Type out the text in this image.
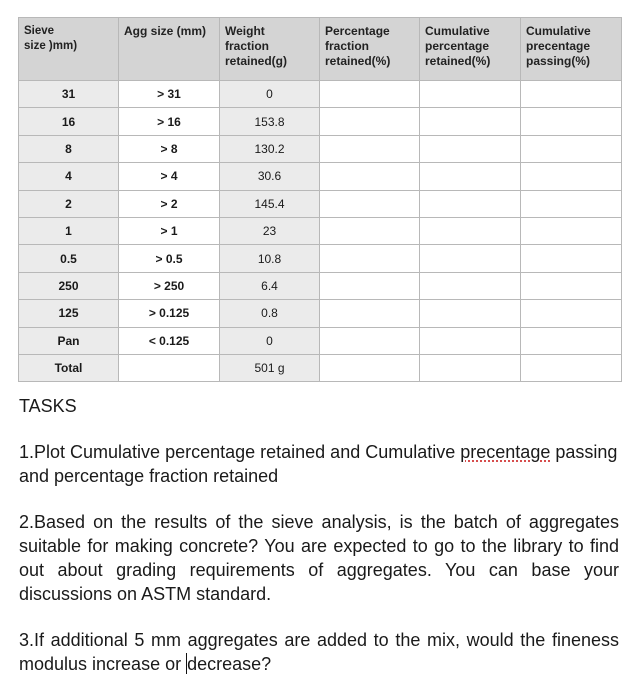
Sieve
size )mm)	Agg size (mm)	Weight
fraction
retained(g)	Percentage
fraction
retained(%)	Cumulative
percentage
retained(%)	Cumulative
precentage
passing(%)

31	> 31	0			
16	> 16	153.8			
8	> 8	130.2			
4	> 4	30.6			
2	> 2	145.4			
1	> 1	23			
0.5	> 0.5	10.8			
250	> 250	6.4			
125	> 0.125	0.8			
Pan	< 0.125	0			
Total		501 g			
TASKS

1.Plot Cumulative percentage retained and Cumulative precentage passing and percentage fraction retained

2.Based on the results of the sieve analysis, is the batch of aggregates suitable for making concrete? You are expected to go to the library to find out about grading requirements of aggregates. You can base your discussions on ASTM standard.

3.If additional 5 mm aggregates are added to the mix, would the fineness modulus increase or decrease?
